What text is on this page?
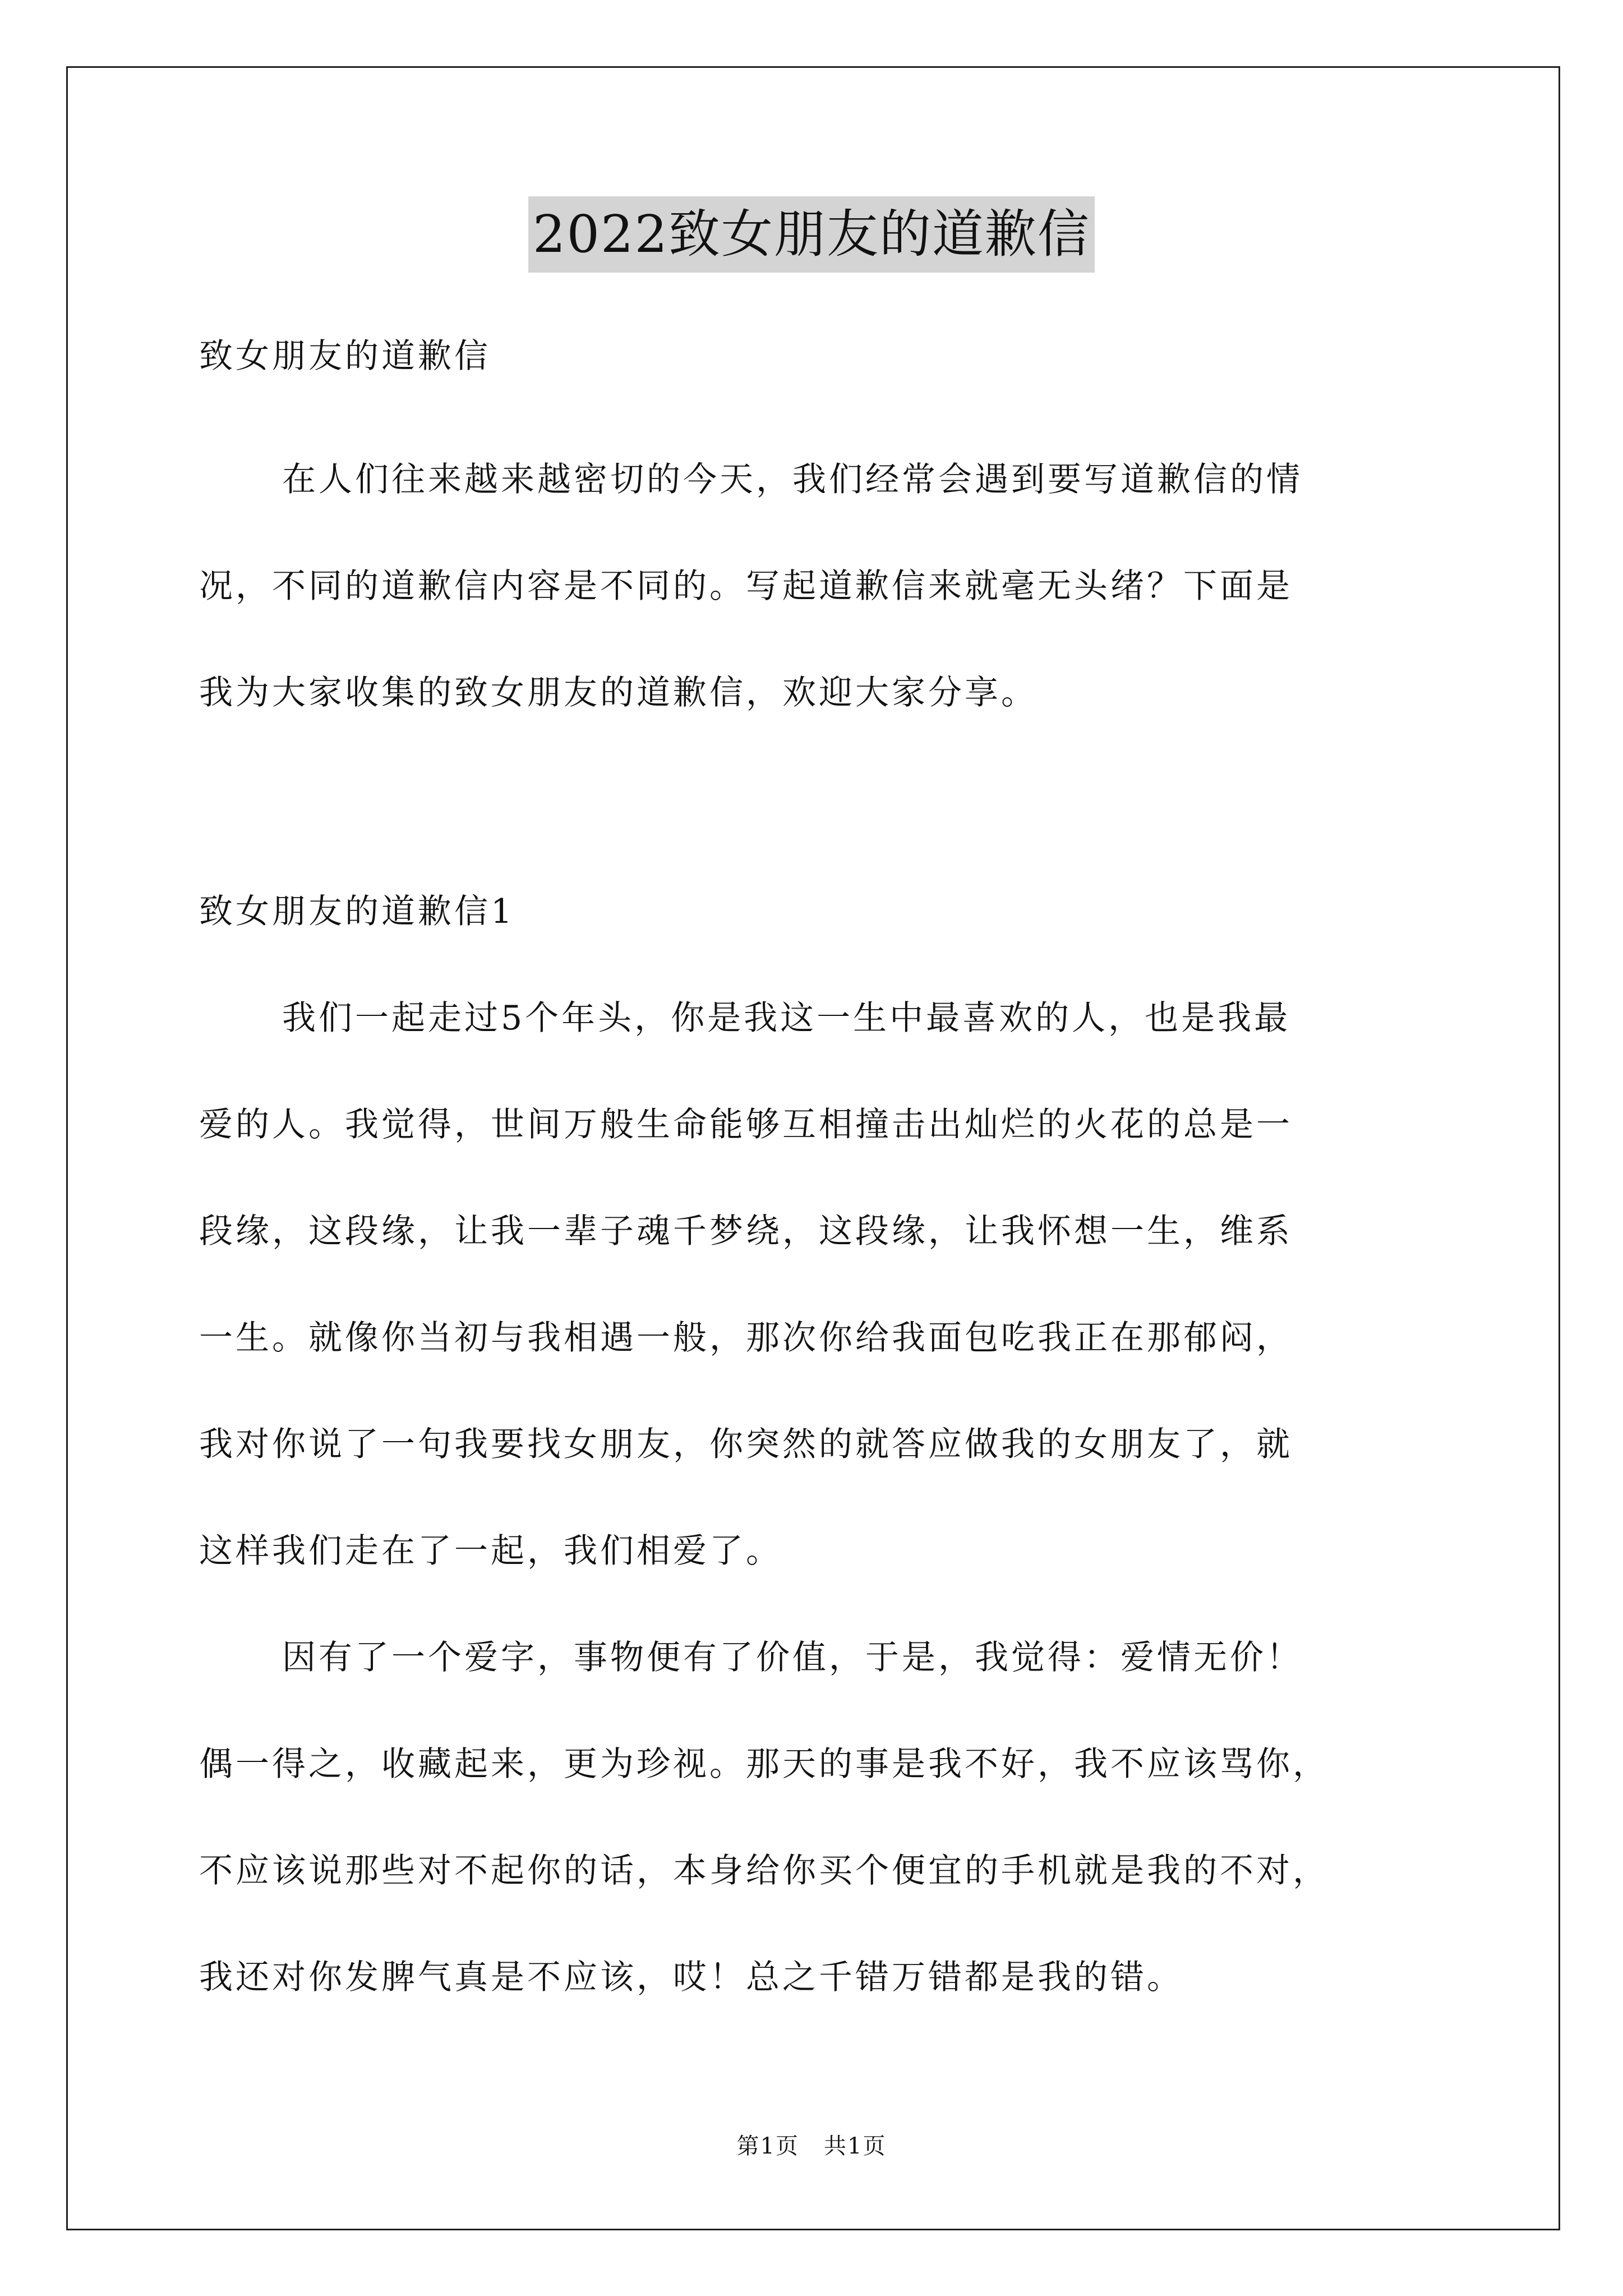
2022致女朋友的道歉信
致女朋友的道歉信
在人们往来越来越密切的今天，我们经常会遇到要写道歉信的情
况，不同的道歉信内容是不同的。写起道歉信来就毫无头绪？下面是
我为大家收集的致女朋友的道歉信，欢迎大家分享。
致女朋友的道歉信1
我们一起走过5个年头，你是我这一生中最喜欢的人，也是我最
爱的人。我觉得，世间万般生命能够互相撞击出灿烂的火花的总是一
段缘，这段缘，让我一辈子魂千梦绕，这段缘，让我怀想一生，维系
一生。就像你当初与我相遇一般，那次你给我面包吃我正在那郁闷，
我对你说了一句我要找女朋友，你突然的就答应做我的女朋友了，就
这样我们走在了一起，我们相爱了。
因有了一个爱字，事物便有了价值，于是，我觉得：爱情无价！
偶一得之，收藏起来，更为珍视。那天的事是我不好，我不应该骂你，
不应该说那些对不起你的话，本身给你买个便宜的手机就是我的不对，
我还对你发脾气真是不应该，哎！总之千错万错都是我的错。
第1页 共1页
